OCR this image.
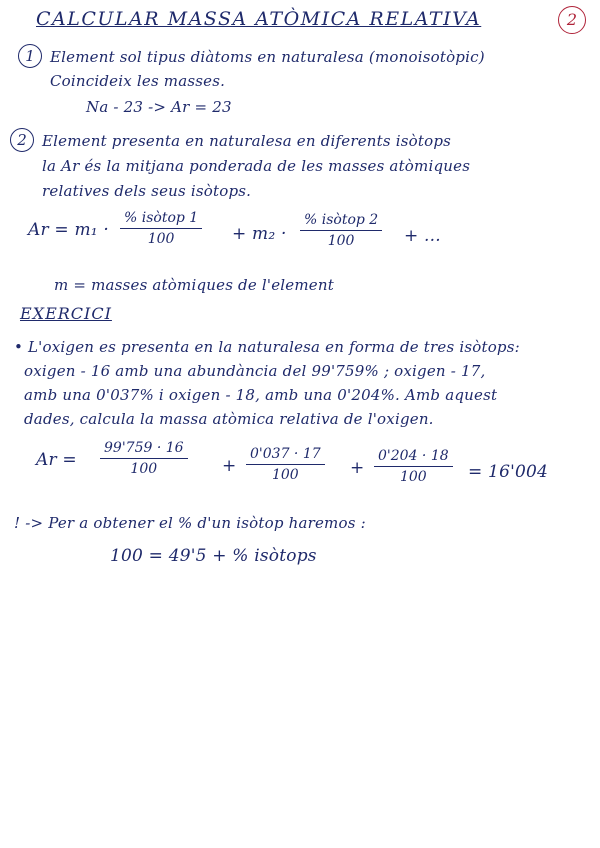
CALCULAR MASSA ATÒMICA RELATIVA	2
1	Element sol tipus diàtoms en naturalesa (monoisotòpic)
Coincideix les masses.
Na - 23 -> Ar = 23
2	Element presenta en naturalesa en diferents isòtops
la Ar és la mitjana ponderada de les masses atòmiques
relatives dels seus isòtops.
Ar = m₁ ·
% isòtop 1
100	+ m₂ ·
% isòtop 2
100	+ ...
m = masses atòmiques de l'element
EXERCICI
• L'oxigen es presenta en la naturalesa en forma de tres isòtops:
oxigen - 16 amb una abundància del 99'759% ; oxigen - 17,
amb una 0'037% i oxigen - 18, amb una 0'204%. Amb aquest
dades, calcula la massa atòmica relativa de l'oxigen.
$Ar = \frac{99'759 \cdot 16}{100} + \frac{0'037 \cdot 17}{100} + \frac{0'204 \cdot 18}{100} = 16'004$
! -> Per a obtener el % d'un isòtop haremos :
100 = 49'5 + % isòtops
